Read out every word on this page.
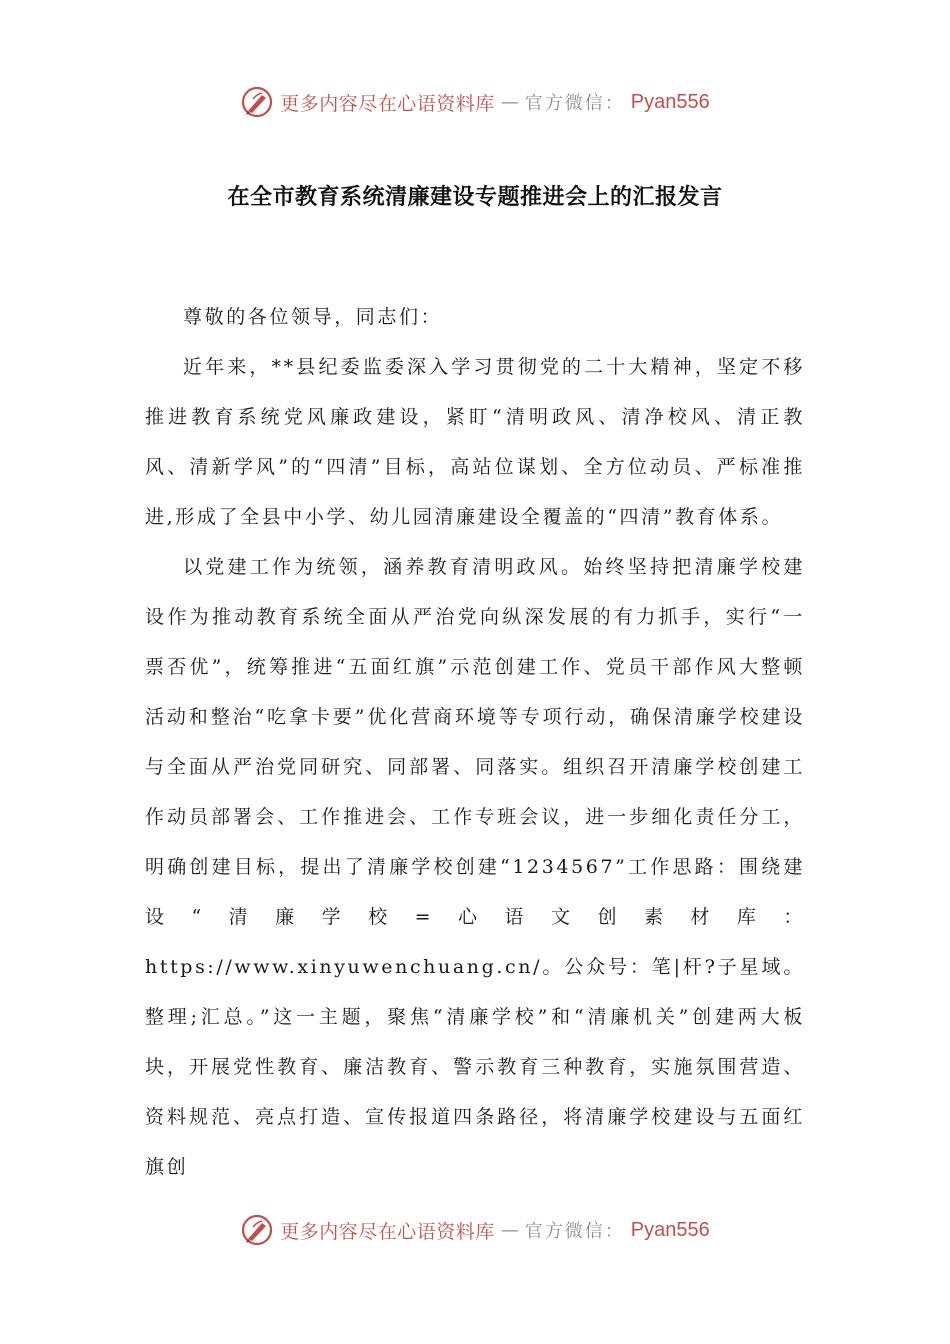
更多内容尽在心语资料库 — 官方微信： Pyan556
在全市教育系统清廉建设专题推进会上的汇报发言

尊敬的各位领导，同志们：

近年来，**县纪委监委深入学习贯彻党的二十大精神，坚定不移推进教育系统党风廉政建设，紧盯“清明政风、清净校风、清正教风、清新学风”的“四清”目标，高站位谋划、全方位动员、严标准推进,形成了全县中小学、幼儿园清廉建设全覆盖的“四清”教育体系。

以党建工作为统领，涵养教育清明政风。始终坚持把清廉学校建设作为推动教育系统全面从严治党向纵深发展的有力抓手，实行“一票否优”，统筹推进“五面红旗”示范创建工作、党员干部作风大整顿活动和整治“吃拿卡要”优化营商环境等专项行动，确保清廉学校建设与全面从严治党同研究、同部署、同落实。组织召开清廉学校创建工作动员部署会、工作推进会、工作专班会议，进一步细化责任分工，明确创建目标，提出了清廉学校创建“1234567”工作思路：围绕建设“清廉学校=心语文创素材库：https://www.xinyuwenchuang.cn/。公众号：笔|杆?子星域。整理;汇总。”这一主题，聚焦“清廉学校”和“清廉机关”创建两大板块，开展党性教育、廉洁教育、警示教育三种教育，实施氛围营造、资料规范、亮点打造、宣传报道四条路径，将清廉学校建设与五面红旗创

更多内容尽在心语资料库 — 官方微信： Pyan556
